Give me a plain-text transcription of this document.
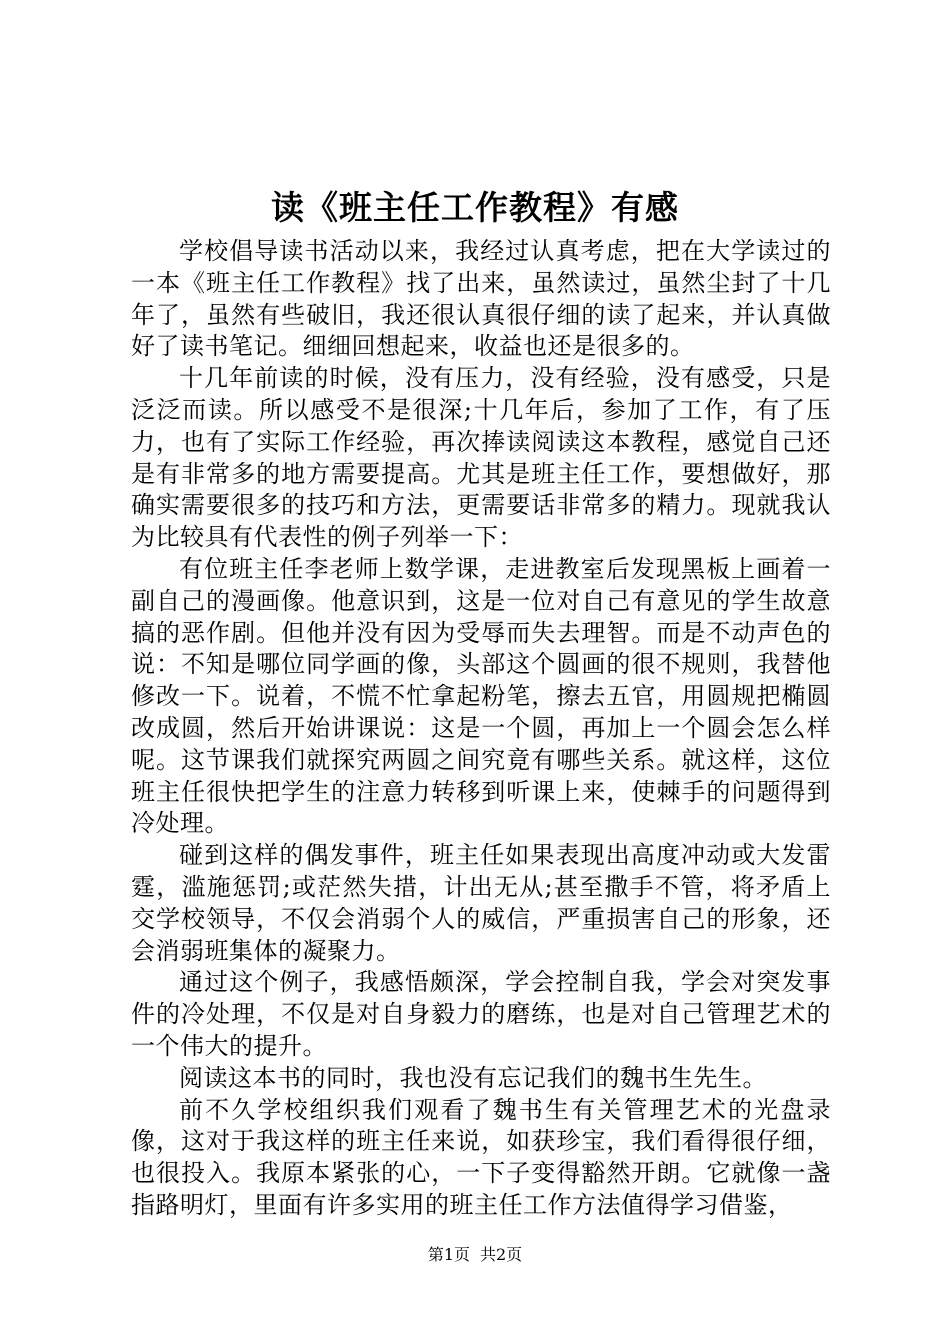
读《班主任工作教程》有感

学校倡导读书活动以来，我经过认真考虑，把在大学读过的一本《班主任工作教程》找了出来，虽然读过，虽然尘封了十几年了，虽然有些破旧，我还很认真很仔细的读了起来，并认真做好了读书笔记。细细回想起来，收益也还是很多的。

十几年前读的时候，没有压力，没有经验，没有感受，只是泛泛而读。所以感受不是很深;十几年后，参加了工作，有了压力，也有了实际工作经验，再次捧读阅读这本教程，感觉自己还是有非常多的地方需要提高。尤其是班主任工作，要想做好，那确实需要很多的技巧和方法，更需要话非常多的精力。现就我认为比较具有代表性的例子列举一下：

有位班主任李老师上数学课，走进教室后发现黑板上画着一副自己的漫画像。他意识到，这是一位对自己有意见的学生故意搞的恶作剧。但他并没有因为受辱而失去理智。而是不动声色的说：不知是哪位同学画的像，头部这个圆画的很不规则，我替他修改一下。说着，不慌不忙拿起粉笔，擦去五官，用圆规把椭圆改成圆，然后开始讲课说：这是一个圆，再加上一个圆会怎么样呢。这节课我们就探究两圆之间究竟有哪些关系。就这样，这位班主任很快把学生的注意力转移到听课上来，使棘手的问题得到冷处理。

碰到这样的偶发事件，班主任如果表现出高度冲动或大发雷霆，滥施惩罚;或茫然失措，计出无从;甚至撒手不管，将矛盾上交学校领导，不仅会消弱个人的威信，严重损害自己的形象，还会消弱班集体的凝聚力。

通过这个例子，我感悟颇深，学会控制自我，学会对突发事件的冷处理，不仅是对自身毅力的磨练，也是对自己管理艺术的一个伟大的提升。

阅读这本书的同时，我也没有忘记我们的魏书生先生。

前不久学校组织我们观看了魏书生有关管理艺术的光盘录像，这对于我这样的班主任来说，如获珍宝，我们看得很仔细，也很投入。我原本紧张的心，一下子变得豁然开朗。它就像一盏指路明灯，里面有许多实用的班主任工作方法值得学习借鉴，

第1页 共2页
